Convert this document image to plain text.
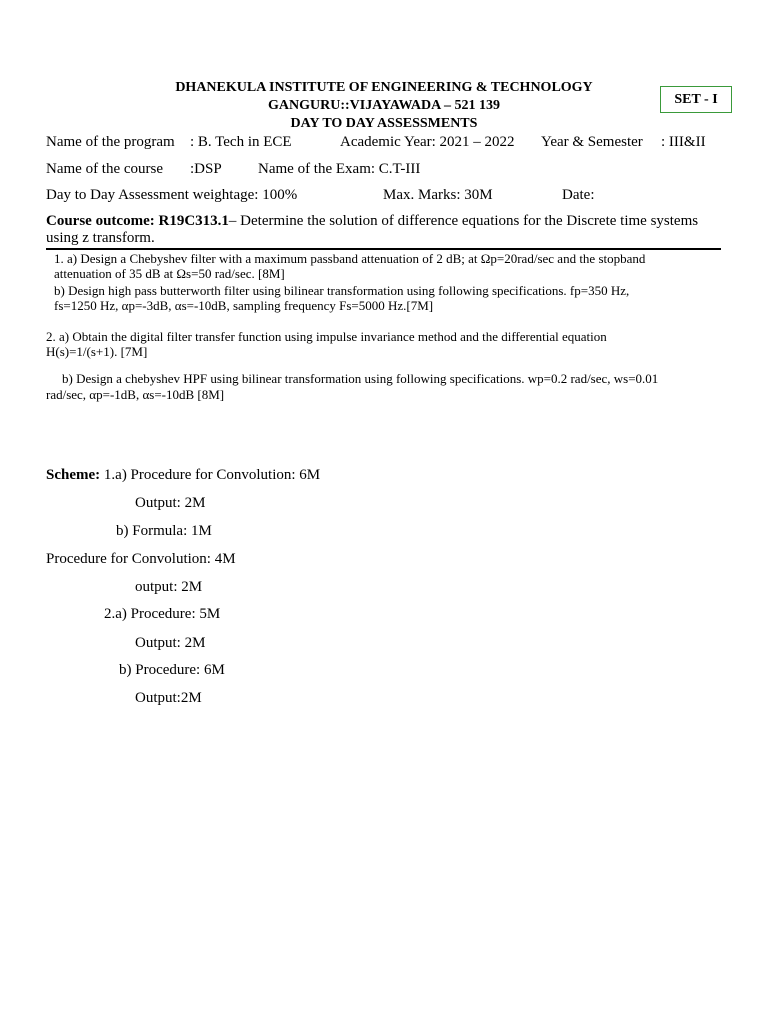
DHANEKULA INSTITUTE OF ENGINEERING & TECHNOLOGY
GANGURU::VIJAYAWADA – 521 139
DAY TO DAY ASSESSMENTS
SET - I
Name of the program : B. Tech in ECE	Academic Year: 2021 – 2022 Year & Semester : III&II
Name of the course :DSP Name of the Exam: C.T-III
Day to Day Assessment weightage: 100%	Max. Marks: 30M	Date:
Course outcome: R19C313.1– Determine the solution of difference equations for the Discrete time systems
using z transform.
1. a) Design a Chebyshev filter with a maximum passband attenuation of 2 dB; at Ωp=20rad/sec and the stopband
attenuation of 35 dB at Ωs=50 rad/sec. [8M]
b) Design high pass butterworth filter using bilinear transformation using following specifications. fp=350 Hz,
fs=1250 Hz, αp=-3dB, αs=-10dB, sampling frequency Fs=5000 Hz.[7M]
2. a) Obtain the digital filter transfer function using impulse invariance method and the differential equation
H(s)=1/(s+1). [7M]
b) Design a chebyshev HPF using bilinear transformation using following specifications. wp=0.2 rad/sec, ws=0.01
rad/sec, αp=-1dB, αs=-10dB [8M]
Scheme: 1.a) Procedure for Convolution: 6M
Output: 2M
b) Formula: 1M
Procedure for Convolution: 4M
output: 2M
2.a) Procedure: 5M
Output: 2M
b) Procedure: 6M
Output:2M
